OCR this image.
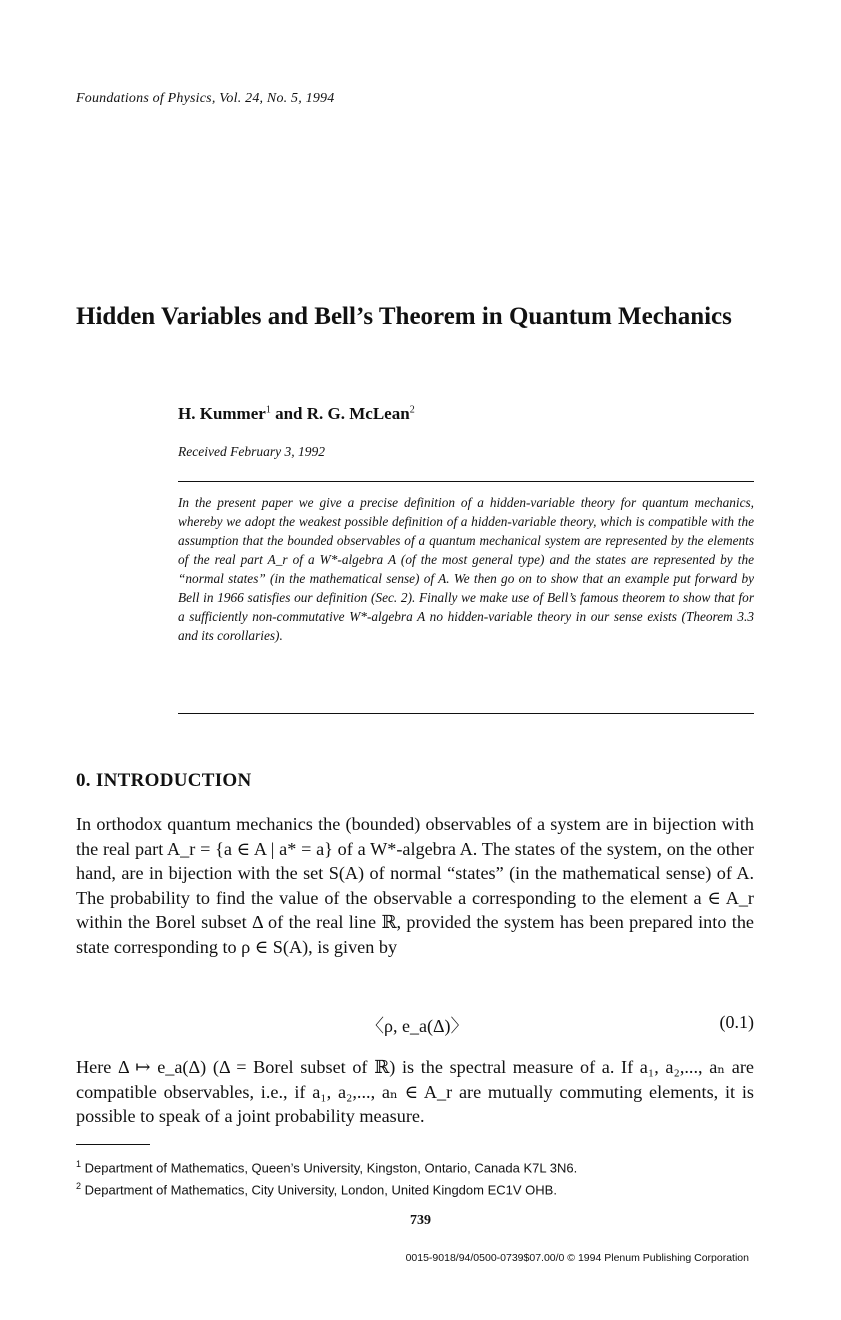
Foundations of Physics, Vol. 24, No. 5, 1994
Hidden Variables and Bell’s Theorem in Quantum Mechanics
H. Kummer$^1$ and R. G. McLean$^2$
Received February 3, 1992
In the present paper we give a precise definition of a hidden-variable theory for quantum mechanics, whereby we adopt the weakest possible definition of a hidden-variable theory, which is compatible with the assumption that the bounded observables of a quantum mechanical system are represented by the elements of the real part A_r of a W*-algebra A (of the most general type) and the states are represented by the “normal states” (in the mathematical sense) of A. We then go on to show that an example put forward by Bell in 1966 satisfies our definition (Sec. 2). Finally we make use of Bell’s famous theorem to show that for a sufficiently non-commutative W*-algebra A no hidden-variable theory in our sense exists (Theorem 3.3 and its corollaries).
0. INTRODUCTION
In orthodox quantum mechanics the (bounded) observables of a system are in bijection with the real part A_r = {a ∈ A | a* = a} of a W*-algebra A. The states of the system, on the other hand, are in bijection with the set S(A) of normal “states” (in the mathematical sense) of A. The probability to find the value of the observable a corresponding to the element a ∈ A_r within the Borel subset Δ of the real line ℝ, provided the system has been prepared into the state corresponding to ρ ∈ S(A), is given by
〈ρ, e_a(Δ)〉	(0.1)
Here Δ ↦ e_a(Δ) (Δ = Borel subset of ℝ) is the spectral measure of a. If a₁, a₂,..., aₙ are compatible observables, i.e., if a₁, a₂,..., aₙ ∈ A_r are mutually commuting elements, it is possible to speak of a joint probability measure.
$^1$ Department of Mathematics, Queen’s University, Kingston, Ontario, Canada K7L 3N6.
$^2$ Department of Mathematics, City University, London, United Kingdom EC1V OHB.
739
0015-9018/94/0500-0739$07.00/0 © 1994 Plenum Publishing Corporation
